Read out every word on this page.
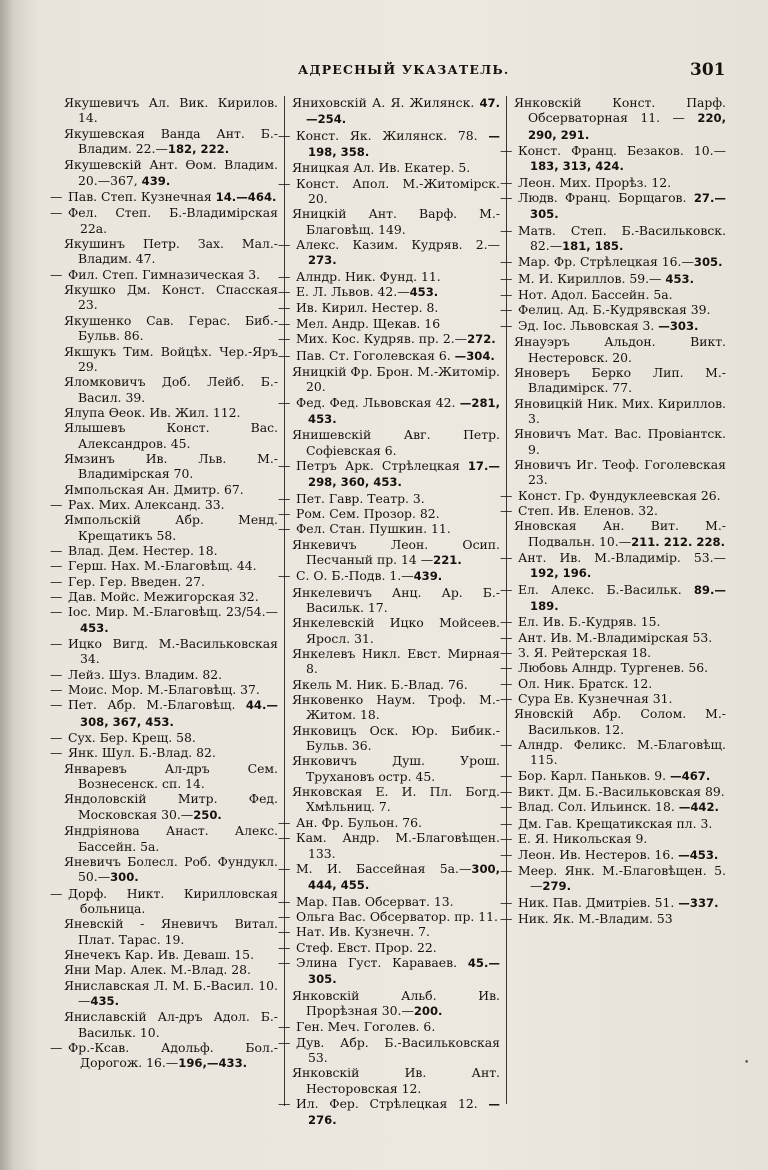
АДРЕСНЫЙ УКАЗАТЕЛЬ.	301

Якушевичъ Ал. Вик. Кирилов. 14.

Якушевская Ванда Ант. Б.-Владим. 22.—182, 222.

Якушевскій Ант. Ѳом. Владим. 20.—367, 439.

— Пав. Степ. Кузнечная 14.—464.

— Фел. Степ. Б.-Владимірская 22а.

Якушинъ Петр. Зах. Мал.-Владим. 47.

— Фил. Степ. Гимназическая 3.

Якушко Дм. Конст. Спасская 23.

Якушенко Сав. Герас. Биб.-Бульв. 86.

Якшукъ Тим. Войцѣх. Чер.-Яръ 29.

Яломковичъ Доб. Лейб. Б.-Васил. 39.

Ялупа Ѳеок. Ив. Жил. 112.

Ялышевъ Конст. Вас. Александров. 45.

Ямзинъ Ив. Льв. М.-Владимірская 70.

Ямпольская Ан. Дмитр. 67.

— Рах. Мих. Александ. 33.

Ямпольскій Абр. Менд. Крещатикъ 58.

— Влад. Дем. Нестер. 18.

— Герш. Нах. М.-Благовѣщ. 44.

— Гер. Гер. Введен. 27.

— Дав. Мойс. Межигорская 32.

— Іос. Мир. М.-Благовѣщ. 23/54.—453.

— Ицко Вигд. М.-Васильковская 34.

— Лейз. Шуз. Владим. 82.

— Моис. Мор. М.-Благовѣщ. 37.

— Пет. Абр. М.-Благовѣщ. 44.—308, 367, 453.

— Сух. Бер. Крещ. 58.

— Янк. Шул. Б.-Влад. 82.

Январевъ Ал-дръ Сем. Вознесенск. сп. 14.

Яндоловскій Митр. Фед. Московская 30.—250.

Яндріянова Анаст. Алекс. Бассейн. 5а.

Яневичъ Болесл. Роб. Фундукл. 50.—300.

— Дорф. Никт. Кирилловская больница.

Яневскій - Яневичъ Витал. Плат. Тарас. 19.

Янечекъ Кар. Ив. Деваш. 15.

Яни Мар. Алек. М.-Влад. 28.

Яниславская Л. М. Б.-Васил. 10.—435.

Яниславскій Ал-дръ Адол. Б.-Васильк. 10.

— Фр.-Ксав. Адольф. Бол.-Дорогож. 16.—196,—433.

Яниховскій А. Я. Жилянск. 47.—254.

— Конст. Як. Жилянск. 78. —198, 358.

Яницкая Ал. Ив. Екатер. 5.

— Конст. Апол. М.-Житомірск. 20.

Яницкій Ант. Варф. М.-Благовѣщ. 149.

— Алекс. Казим. Кудряв. 2.—273.

— Алндр. Ник. Фунд. 11.

— Е. Л. Львов. 42.—453.

— Ив. Кирил. Нестер. 8.

— Мел. Андр. Щекав. 16

— Мих. Кос. Кудряв. пр. 2.—272.

— Пав. Ст. Гоголевская 6. —304.

Яницкій Фр. Брон. М.-Житомір. 20.

— Фед. Фед. Львовская 42. —281, 453.

Янишевскій Авг. Петр. Софіевская 6.

— Петръ Арк. Стрѣлецкая 17.—298, 360, 453.

— Пет. Гавр. Театр. 3.

— Ром. Сем. Прозор. 82.

— Фел. Стан. Пушкин. 11.

Янкевичъ Леон. Осип. Песчаный пр. 14 —221.

— С. О. Б.-Подв. 1.—439.

Янкелевичъ Анц. Ар. Б.-Васильк. 17.

Янкелевскій Ицко Мойсеев. Яросл. 31.

Янкелевъ Никл. Евст. Мирная 8.

Якель М. Ник. Б.-Влад. 76.

Янковенко Наум. Троф. М.-Житом. 18.

Янковицъ Оск. Юр. Бибик.-Бульв. 36.

Янковичъ Душ. Урош. Трухановъ остр. 45.

Янковская Е. И. Пл. Богд. Хмѣльниц. 7.

— Ан. Фр. Бульон. 76.

— Кам. Андр. М.-Благовѣщен. 133.

— М. И. Бассейная 5а.—300, 444, 455.

— Мар. Пав. Обсерват. 13.

— Ольга Вас. Обсерватор. пр. 11.

— Нат. Ив. Кузнечн. 7.

— Стеф. Евст. Прор. 22.

— Элина Густ. Караваев. 45.—305.

Янковскій Альб. Ив. Прорѣзная 30.—200.

— Ген. Меч. Гоголев. 6.

— Дув. Абр. Б.-Васильковская 53.

Янковскій Ив. Ант. Несторовская 12.

— Ил. Фер. Стрѣлецкая 12. —276.

Янковскій Конст. Парф. Обсерваторная 11. — 220, 290, 291.

— Конст. Франц. Безаков. 10.—183, 313, 424.

— Леон. Мих. Прорѣз. 12.

— Людв. Франц. Борщагов. 27.—305.

— Матв. Степ. Б.-Васильковск. 82.—181, 185.

— Мар. Фр. Стрѣлецкая 16.—305.

— М. И. Кириллов. 59.— 453.

— Нот. Адол. Бассейн. 5а.

— Фелиц. Ад. Б.-Кудрявская 39.

— Эд. Іос. Львовская 3. —303.

Янауэръ Альдон. Викт. Нестеровск. 20.

Яноверъ Берко Лип. М.-Владимірск. 77.

Яновицкій Ник. Мих. Кириллов. 3.

Яновичъ Мат. Вас. Провіантск. 9.

Яновичъ Иг. Теоф. Гоголевская 23.

— Конст. Гр. Фундуклеевская 26.

— Степ. Ив. Еленов. 32.

Яновская Ан. Вит. М.-Подвальн. 10.—211. 212. 228.

— Ант. Ив. М.-Владимір. 53.—192, 196.

— Ел. Алекс. Б.-Васильк. 89.—189.

— Ел. Ив. Б.-Кудряв. 15.

— Ант. Ив. М.-Владимірская 53.

— З. Я. Рейтерская 18.

— Любовь Алндр. Тургенев. 56.

— Ол. Ник. Братск. 12.

— Сура Ев. Кузнечная 31.

Яновскій Абр. Солом. М.-Васильков. 12.

— Алндр. Феликс. М.-Благовѣщ. 115.

— Бор. Карл. Паньков. 9. —467.

— Викт. Дм. Б.-Васильковская 89.

— Влад. Сол. Ильинск. 18. —442.

— Дм. Гав. Крещатикская пл. 3.

— Е. Я. Никольская 9.

— Леон. Ив. Нестеров. 16. —453.

— Меер. Янк. М.-Благовѣщен. 5.—279.

— Ник. Пав. Дмитріев. 51. —337.

— Ник. Як. М.-Владим. 53

•
